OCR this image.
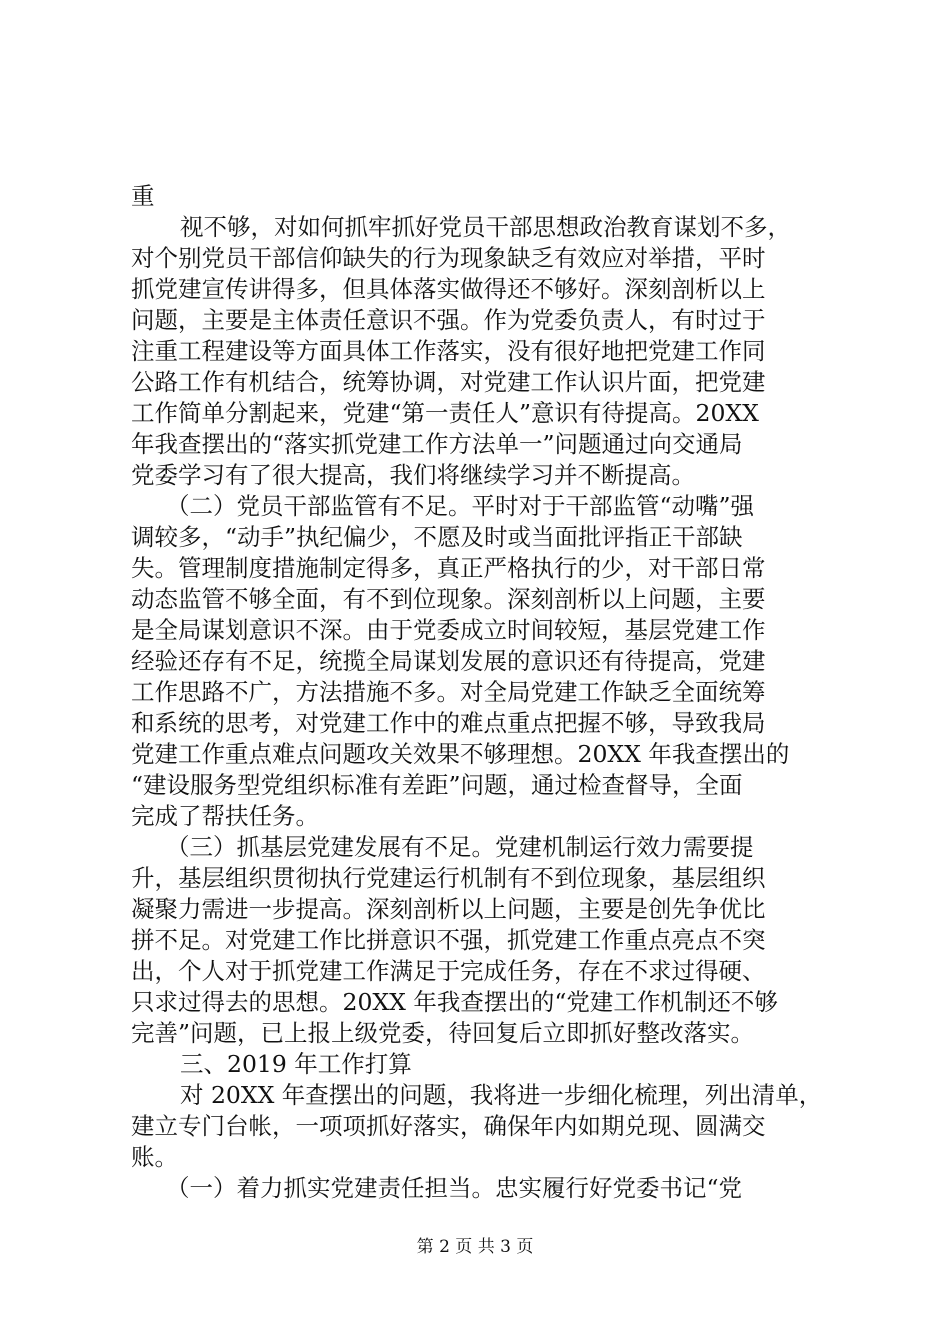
重
视不够，对如何抓牢抓好党员干部思想政治教育谋划不多，
对个别党员干部信仰缺失的行为现象缺乏有效应对举措，平时
抓党建宣传讲得多，但具体落实做得还不够好。深刻剖析以上
问题，主要是主体责任意识不强。作为党委负责人，有时过于
注重工程建设等方面具体工作落实，没有很好地把党建工作同
公路工作有机结合，统筹协调，对党建工作认识片面，把党建
工作简单分割起来，党建“第一责任人”意识有待提高。20XX
年我查摆出的“落实抓党建工作方法单一”问题通过向交通局
党委学习有了很大提高，我们将继续学习并不断提高。
（二）党员干部监管有不足。平时对于干部监管“动嘴”强
调较多，“动手”执纪偏少，不愿及时或当面批评指正干部缺
失。管理制度措施制定得多，真正严格执行的少，对干部日常
动态监管不够全面，有不到位现象。深刻剖析以上问题，主要
是全局谋划意识不深。由于党委成立时间较短，基层党建工作
经验还存有不足，统揽全局谋划发展的意识还有待提高，党建
工作思路不广，方法措施不多。对全局党建工作缺乏全面统筹
和系统的思考，对党建工作中的难点重点把握不够，导致我局
党建工作重点难点问题攻关效果不够理想。20XX 年我查摆出的
“建设服务型党组织标准有差距”问题，通过检查督导，全面
完成了帮扶任务。
（三）抓基层党建发展有不足。党建机制运行效力需要提
升，基层组织贯彻执行党建运行机制有不到位现象，基层组织
凝聚力需进一步提高。深刻剖析以上问题，主要是创先争优比
拼不足。对党建工作比拼意识不强，抓党建工作重点亮点不突
出，个人对于抓党建工作满足于完成任务，存在不求过得硬、
只求过得去的思想。20XX 年我查摆出的“党建工作机制还不够
完善”问题，已上报上级党委，待回复后立即抓好整改落实。
三、2019 年工作打算
对 20XX 年查摆出的问题，我将进一步细化梳理，列出清单，
建立专门台帐，一项项抓好落实，确保年内如期兑现、圆满交
账。
（一）着力抓实党建责任担当。忠实履行好党委书记“党
第 2 页 共 3 页
